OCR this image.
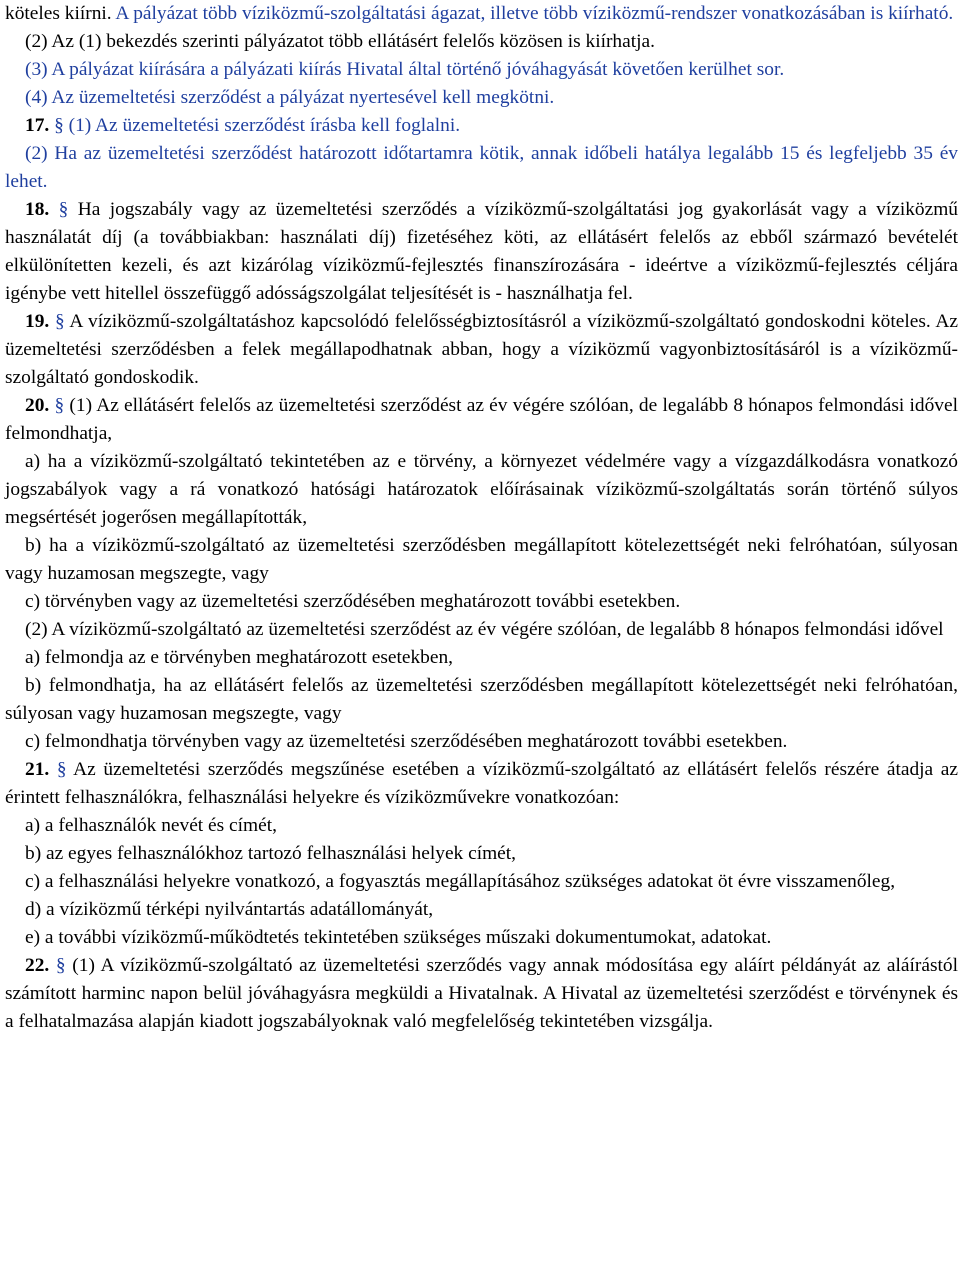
köteles kiírni. A pályázat több víziközmű-szolgáltatási ágazat, illetve több víziközmű-rendszer vonatkozásában is kiírható.

(2) Az (1) bekezdés szerinti pályázatot több ellátásért felelős közösen is kiírhatja.

(3) A pályázat kiírására a pályázati kiírás Hivatal által történő jóváhagyását követően kerülhet sor.

(4) Az üzemeltetési szerződést a pályázat nyertesével kell megkötni.

17. § (1) Az üzemeltetési szerződést írásba kell foglalni.

(2) Ha az üzemeltetési szerződést határozott időtartamra kötik, annak időbeli hatálya legalább 15 és legfeljebb 35 év lehet.

18. § Ha jogszabály vagy az üzemeltetési szerződés a víziközmű-szolgáltatási jog gyakorlását vagy a víziközmű használatát díj (a továbbiakban: használati díj) fizetéséhez köti, az ellátásért felelős az ebből származó bevételét elkülönítetten kezeli, és azt kizárólag víziközmű-fejlesztés finanszírozására - ideértve a víziközmű-fejlesztés céljára igénybe vett hitellel összefüggő adósságszolgálat teljesítését is - használhatja fel.

19. § A víziközmű-szolgáltatáshoz kapcsolódó felelősségbiztosításról a víziközmű-szolgáltató gondoskodni köteles. Az üzemeltetési szerződésben a felek megállapodhatnak abban, hogy a víziközmű vagyonbiztosításáról is a víziközmű-szolgáltató gondoskodik.

20. § (1) Az ellátásért felelős az üzemeltetési szerződést az év végére szólóan, de legalább 8 hónapos felmondási idővel felmondhatja,

a) ha a víziközmű-szolgáltató tekintetében az e törvény, a környezet védelmére vagy a vízgazdálkodásra vonatkozó jogszabályok vagy a rá vonatkozó hatósági határozatok előírásainak víziközmű-szolgáltatás során történő súlyos megsértését jogerősen megállapították,

b) ha a víziközmű-szolgáltató az üzemeltetési szerződésben megállapított kötelezettségét neki felróhatóan, súlyosan vagy huzamosan megszegte, vagy

c) törvényben vagy az üzemeltetési szerződésében meghatározott további esetekben.

(2) A víziközmű-szolgáltató az üzemeltetési szerződést az év végére szólóan, de legalább 8 hónapos felmondási idővel

a) felmondja az e törvényben meghatározott esetekben,

b) felmondhatja, ha az ellátásért felelős az üzemeltetési szerződésben megállapított kötelezettségét neki felróhatóan, súlyosan vagy huzamosan megszegte, vagy

c) felmondhatja törvényben vagy az üzemeltetési szerződésében meghatározott további esetekben.

21. § Az üzemeltetési szerződés megszűnése esetében a víziközmű-szolgáltató az ellátásért felelős részére átadja az érintett felhasználókra, felhasználási helyekre és víziközművekre vonatkozóan:

a) a felhasználók nevét és címét,

b) az egyes felhasználókhoz tartozó felhasználási helyek címét,

c) a felhasználási helyekre vonatkozó, a fogyasztás megállapításához szükséges adatokat öt évre visszamenőleg,

d) a víziközmű térképi nyilvántartás adatállományát,

e) a további víziközmű-működtetés tekintetében szükséges műszaki dokumentumokat, adatokat.

22. § (1) A víziközmű-szolgáltató az üzemeltetési szerződés vagy annak módosítása egy aláírt példányát az aláírástól számított harminc napon belül jóváhagyásra megküldi a Hivatalnak. A Hivatal az üzemeltetési szerződést e törvénynek és a felhatalmazása alapján kiadott jogszabályoknak való megfelelőség tekintetében vizsgálja.
